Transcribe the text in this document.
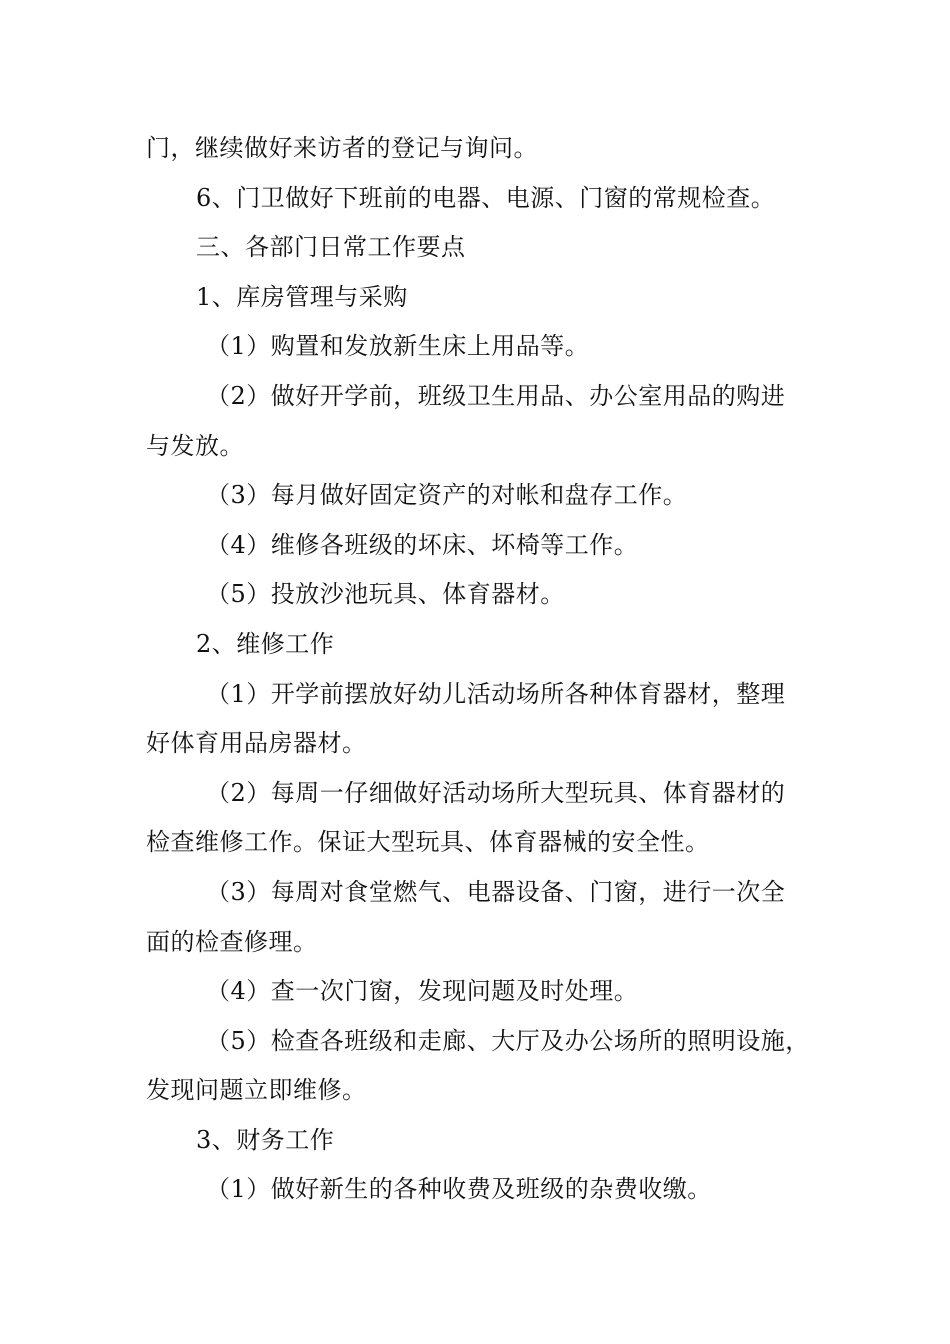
门，继续做好来访者的登记与询问。
6、门卫做好下班前的电器、电源、门窗的常规检查。
三、各部门日常工作要点
1、库房管理与采购
（1）购置和发放新生床上用品等。
（2）做好开学前，班级卫生用品、办公室用品的购进
与发放。
（3）每月做好固定资产的对帐和盘存工作。
（4）维修各班级的坏床、坏椅等工作。
（5）投放沙池玩具、体育器材。
2、维修工作
（1）开学前摆放好幼儿活动场所各种体育器材，整理
好体育用品房器材。
（2）每周一仔细做好活动场所大型玩具、体育器材的
检查维修工作。保证大型玩具、体育器械的安全性。
（3）每周对食堂燃气、电器设备、门窗，进行一次全
面的检查修理。
（4）查一次门窗，发现问题及时处理。
（5）检查各班级和走廊、大厅及办公场所的照明设施，
发现问题立即维修。
3、财务工作
（1）做好新生的各种收费及班级的杂费收缴。
